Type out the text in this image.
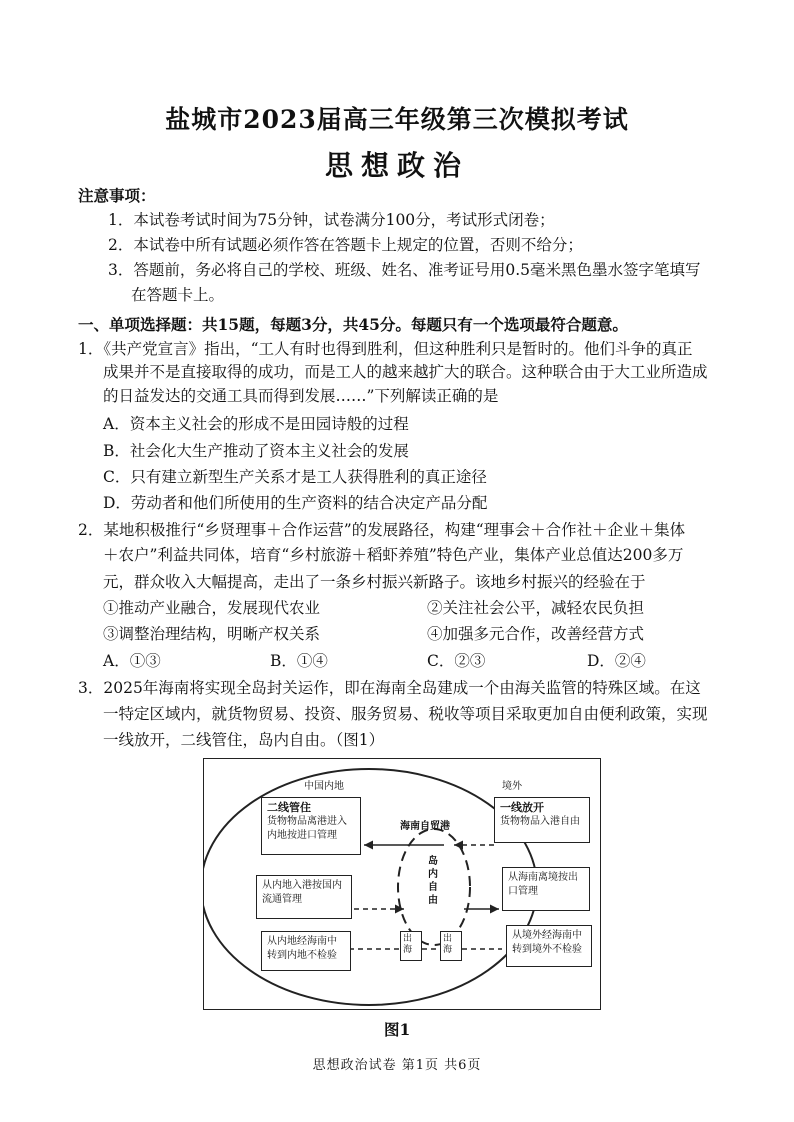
盐城市2023届高三年级第三次模拟考试
思想政治
注意事项：
1．本试卷考试时间为75分钟，试卷满分100分，考试形式闭卷；
2．本试卷中所有试题必须作答在答题卡上规定的位置，否则不给分；
3．答题前，务必将自己的学校、班级、姓名、准考证号用0.5毫米黑色墨水签字笔填写
在答题卡上。
一、单项选择题：共15题，每题3分，共45分。每题只有一个选项最符合题意。
1．《共产党宣言》指出，“工人有时也得到胜利，但这种胜利只是暂时的。他们斗争的真正
成果并不是直接取得的成功，而是工人的越来越扩大的联合。这种联合由于大工业所造成
的日益发达的交通工具而得到发展……”下列解读正确的是
A．资本主义社会的形成不是田园诗般的过程
B．社会化大生产推动了资本主义社会的发展
C．只有建立新型生产关系才是工人获得胜利的真正途径
D．劳动者和他们所使用的生产资料的结合决定产品分配
2．某地积极推行“乡贤理事＋合作运营”的发展路径，构建“理事会＋合作社＋企业＋集体
＋农户”利益共同体，培育“乡村旅游＋稻虾养殖”特色产业，集体产业总值达200多万
元，群众收入大幅提高，走出了一条乡村振兴新路子。该地乡村振兴的经验在于
①推动产业融合，发展现代农业	②关注社会公平，减轻农民负担
③调整治理结构，明晰产权关系	④加强多元合作，改善经营方式
A．①③	B．①④	C．②③	D．②④
3．2025年海南将实现全岛封关运作，即在海南全岛建成一个由海关监管的特殊区域。在这
一特定区域内，就货物贸易、投资、服务贸易、税收等项目采取更加自由便利政策，实现
一线放开，二线管住，岛内自由。（图1）
中国内地	境外
海南自贸港
岛内自由
二线管住
货物物品离港进入内地按进口管理
从内地入港按国内流通管理
从内地经海南中转到内地不检验
一线放开
货物物品入港自由
从海南离境按出口管理
从境外经海南中转到境外不检验
出海
出海
图1
思想政治试卷 第1页 共6页
